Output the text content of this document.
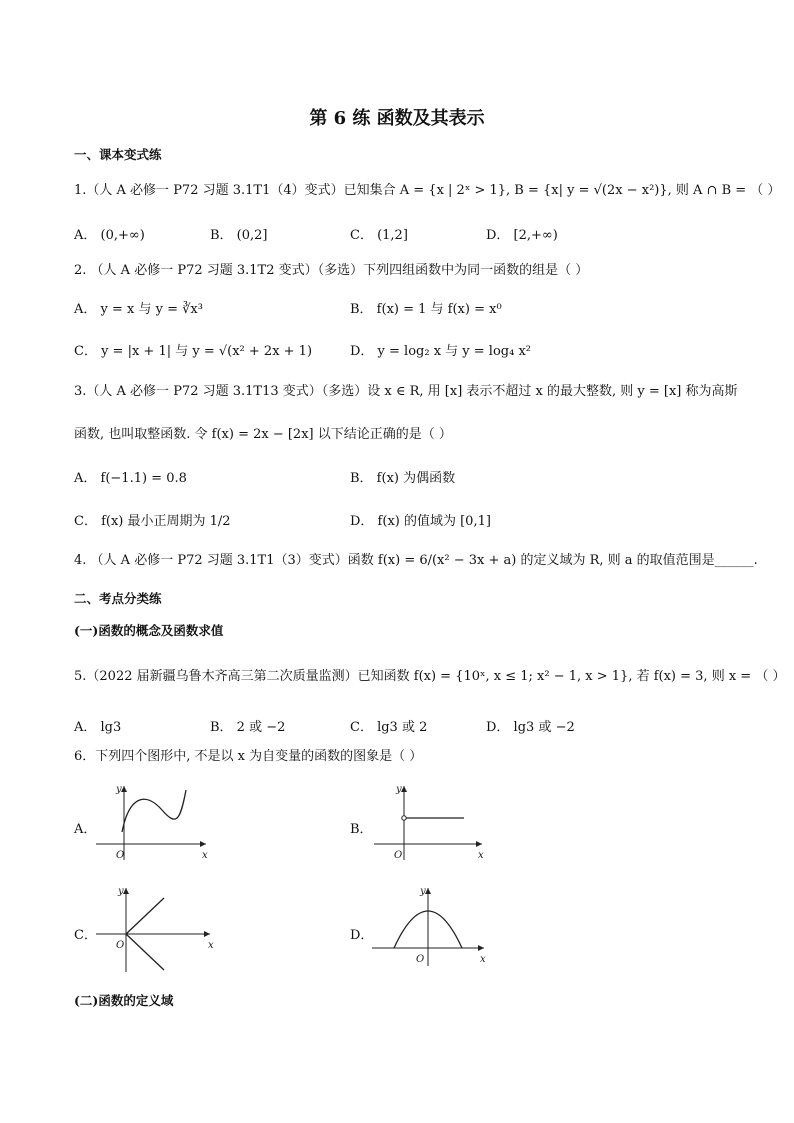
第 6 练 函数及其表示
一、课本变式练
1.（人 A 必修一 P72 习题 3.1T1（4）变式）已知集合 A = {x | 2ˣ > 1}, B = {x| y = √(2x − x²)}, 则 A ∩ B = （ ）
A． (0,+∞)	B． (0,2]	C． (1,2]	D． [2,+∞)
2. （人 A 必修一 P72 习题 3.1T2 变式）（多选）下列四组函数中为同一函数的组是（ ）
A． y = x 与 y = ∛x³	B． f(x) = 1 与 f(x) = x⁰
C． y = |x + 1| 与 y = √(x² + 2x + 1)	D． y = log₂ x 与 y = log₄ x²
3.（人 A 必修一 P72 习题 3.1T13 变式）（多选）设 x ∈ R, 用 [x] 表示不超过 x 的最大整数, 则 y = [x] 称为高斯
函数, 也叫取整函数. 令 f(x) = 2x − [2x] 以下结论正确的是（ ）
A． f(−1.1) = 0.8	B． f(x) 为偶函数
C． f(x) 最小正周期为 1/2	D． f(x) 的值域为 [0,1]
4. （人 A 必修一 P72 习题 3.1T1（3）变式）函数 f(x) = 6/(x² − 3x + a) 的定义域为 R, 则 a 的取值范围是______.
二、考点分类练
(一)函数的概念及函数求值
5.（2022 届新疆乌鲁木齐高三第二次质量监测）已知函数 f(x) = {10ˣ, x ≤ 1; x² − 1, x > 1}, 若 f(x) = 3, 则 x = （ ）
A． lg3	B． 2 或 −2	C． lg3 或 2	D． lg3 或 −2
6．下列四个图形中, 不是以 x 为自变量的函数的图象是（ ）
A．
y
x
O
B．
y
x
O
C．
y
x
O
D．
y
x
O
(二)函数的定义域
